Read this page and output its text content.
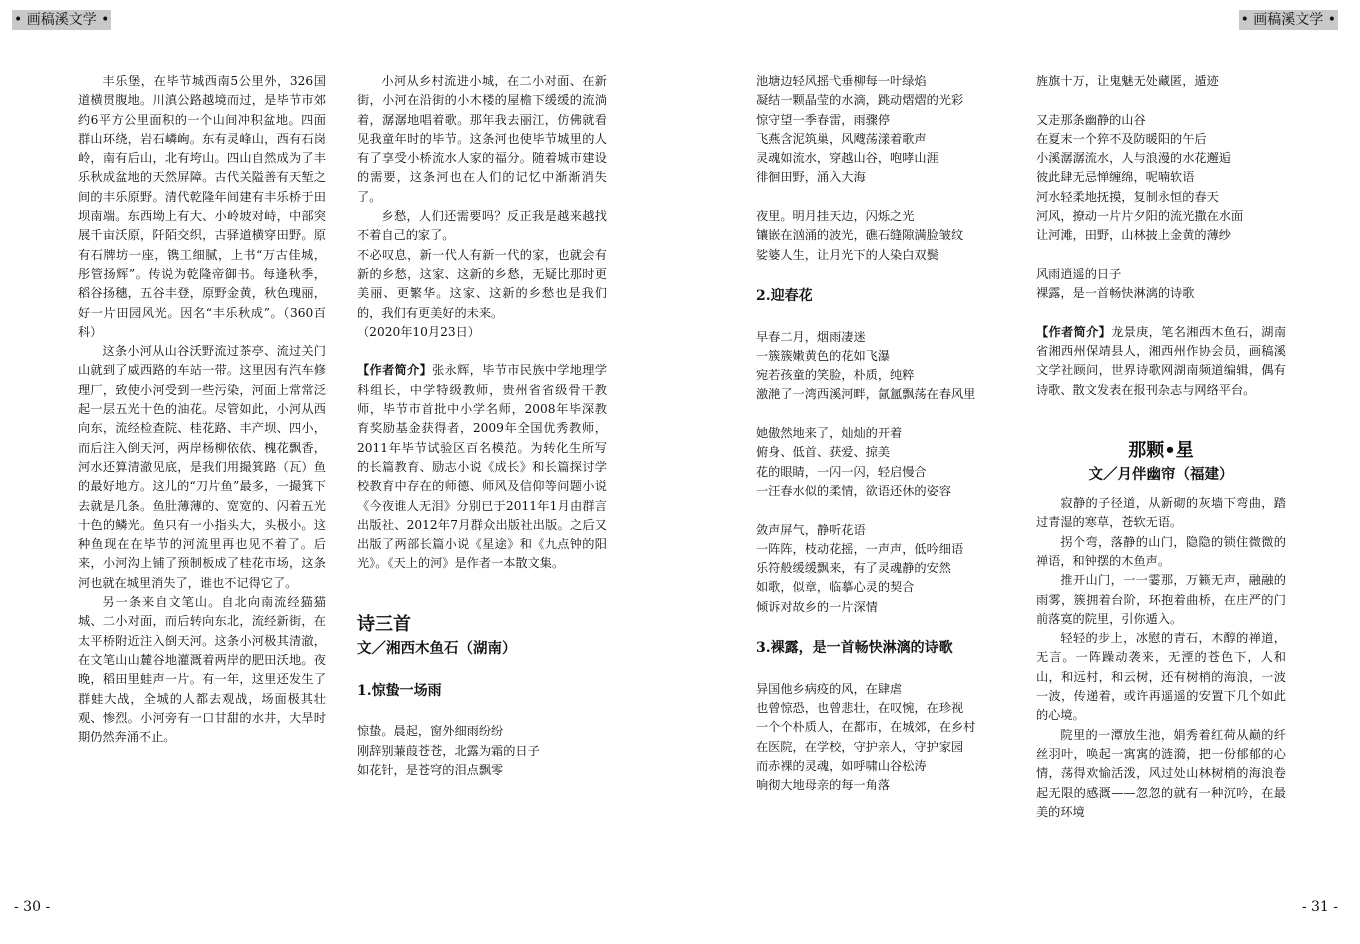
• 画稿溪文学 •	• 画稿溪文学 •

丰乐堡，在毕节城西南5公里外，326国道横贯腹地。川滇公路越境而过，是毕节市郊约6平方公里面积的一个山间冲积盆地。四面群山环绕，岩石嶙峋。东有灵峰山，西有石岗岭，南有后山，北有垮山。四山自然成为了丰乐秋成盆地的天然屏障。古代关隘善有天堑之间的丰乐原野。清代乾隆年间建有丰乐桥于田坝南端。东西坳上有大、小岭坡对峙，中部突展千亩沃原，阡陌交织，古驿道横穿田野。原有石牌坊一座，镌工细腻，上书“万古佳城，彤管扬辉”。传说为乾隆帝御书。每逢秋季，稻谷扬穗，五谷丰登，原野金黄，秋色瑰丽，好一片田园风光。因名“丰乐秋成”。（360百科）

这条小河从山谷沃野流过茶亭、流过关门山就到了威西路的车站一带。这里因有汽车修理厂，致使小河受到一些污染，河面上常常泛起一层五光十色的油花。尽管如此，小河从西向东，流经检查院、桂花路、丰产坝、四小，而后注入倒天河，两岸杨柳依依、槐花飘香，河水还算清澈见底，是我们用撮箕路（瓦）鱼的最好地方。这儿的“刀片鱼”最多，一撮箕下去就是几条。鱼肚薄薄的、宽宽的、闪着五光十色的鳞光。鱼只有一小指头大，头极小。这种鱼现在在毕节的河流里再也见不着了。后来，小河沟上铺了预制板成了桂花市场，这条河也就在城里消失了，谁也不记得它了。

另一条来自文笔山。自北向南流经猫猫城、二小对面，而后转向东北，流经新街，在太平桥附近注入倒天河。这条小河极其清澈，在文笔山山麓谷地灌溉着两岸的肥田沃地。夜晚，稻田里蛙声一片。有一年，这里还发生了群蛙大战，全城的人都去观战，场面极其壮观、惨烈。小河旁有一口甘甜的水井，大旱时期仍然奔涌不止。

小河从乡村流进小城，在二小对面、在新街，小河在沿街的小木楼的屋檐下缓缓的流淌着，潺潺地唱着歌。那年我去丽江，仿佛就看见我童年时的毕节。这条河也使毕节城里的人有了享受小桥流水人家的福分。随着城市建设的需要，这条河也在人们的记忆中渐渐消失了。

乡愁，人们还需要吗？反正我是越来越找不着自己的家了。

不必叹息，新一代人有新一代的家，也就会有新的乡愁，这家、这新的乡愁，无疑比那时更美丽、更繁华。这家、这新的乡愁也是我们的，我们有更美好的未来。

（2020年10月23日）

【作者简介】张永辉，毕节市民族中学地理学科组长，中学特级教师，贵州省省级骨干教师，毕节市首批中小学名师，2008年毕深教育奖励基金获得者，2009年全国优秀教师，2011年毕节试验区百名模范。为转化生所写的长篇教育、励志小说《成长》和长篇探讨学校教育中存在的师德、师风及信仰等问题小说《今夜谁人无泪》分别已于2011年1月由群言出版社、2012年7月群众出版社出版。之后又出版了两部长篇小说《星途》和《九点钟的阳光》。《天上的河》是作者一本散文集。

诗三首

文／湘西木鱼石（湖南）

1.惊蛰一场雨

惊蛰。晨起，窗外细雨纷纷

刚辞别蒹葭苍苍，北露为霜的日子

如花针，是苍穹的泪点飘零

池塘边轻风摇弋垂柳每一叶绿焰

凝结一颗晶莹的水滴，跳动熠熠的光彩

惊守望一季春雷，雨骤停

飞燕含泥筑巢，风飕荡漾着歌声

灵魂如流水，穿越山谷，咆哮山涯

徘徊田野，涌入大海

夜里。明月挂天边，闪烁之光

镶嵌在汹涌的波光，礁石缝隙满脸皱纹

娑婆人生，让月光下的人染白双鬓

2.迎春花

早春二月，烟雨凄迷

一簇簇嫩黄色的花如飞瀑

宛若孩童的笑脸，朴质，纯粹

激滟了一湾西溪河畔，氤氲飘荡在春风里

她傲然地来了，灿灿的开着

俯身、低首、获爱、掠美

花的眼睛，一闪一闪，轻启慢合

一汪春水似的柔情，欲语还休的姿容

敛声屏气，静听花语

一阵阵，枝动花摇，一声声，低吟细语

乐符般缓缓飘来，有了灵魂静的安然

如歌，似章，临摹心灵的契合

倾诉对故乡的一片深情

3.裸露，是一首畅快淋漓的诗歌

异国他乡病疫的风，在肆虐

也曾惊恐，也曾悲壮，在叹惋，在珍视

一个个朴质人，在都市，在城郊，在乡村

在医院，在学校，守护亲人，守护家园

而赤裸的灵魂，如呼啸山谷松涛

响彻大地母亲的每一角落

旌旗十万，让鬼魅无处藏匿，遁迹

又走那条幽静的山谷

在夏末一个猝不及防暖阳的午后

小溪潺潺流水，人与浪漫的水花邂逅

彼此肆无忌惮缠绵，呢喃软语

河水轻柔地抚摸，复制永恒的春天

河风，撩动一片片夕阳的流光撒在水面

让河滩，田野，山林披上金黄的薄纱

风雨逍遥的日子

裸露，是一首畅快淋漓的诗歌

【作者简介】龙景庚，笔名湘西木鱼石，湖南省湘西州保靖县人，湘西州作协会员，画稿溪文学社顾问，世界诗歌网湖南频道编辑，偶有诗歌、散文发表在报刊杂志与网络平台。

那颗•星

文／月伴幽帘（福建）

寂静的子径道，从新砌的灰墙下弯曲，踏过青湿的寒草，苍软无语。

拐个弯，落静的山门，隐隐的锁住微微的禅语，和钟摆的木鱼声。

推开山门，一一霎那，万籁无声，融融的雨雾，簇拥着台阶，环抱着曲桥，在庄严的门前落寞的院里，引你遁入。

轻轻的步上，冰慰的青石，木醇的禅道，无言。一阵躁动袭来，无湮的苍色下，人和山，和远村，和云树，还有树梢的海浪，一波一波，传递着，或许再遥遥的安置下几个如此的心境。

院里的一潭放生池，娟秀着红荷从巅的纤丝羽叶，唤起一寓寓的涟漪，把一份郁郁的心情，荡得欢愉活泼，风过处山林树梢的海浪卷起无限的感溉——忽忽的就有一种沉吟，在最美的环境

- 30 -	- 31 -
